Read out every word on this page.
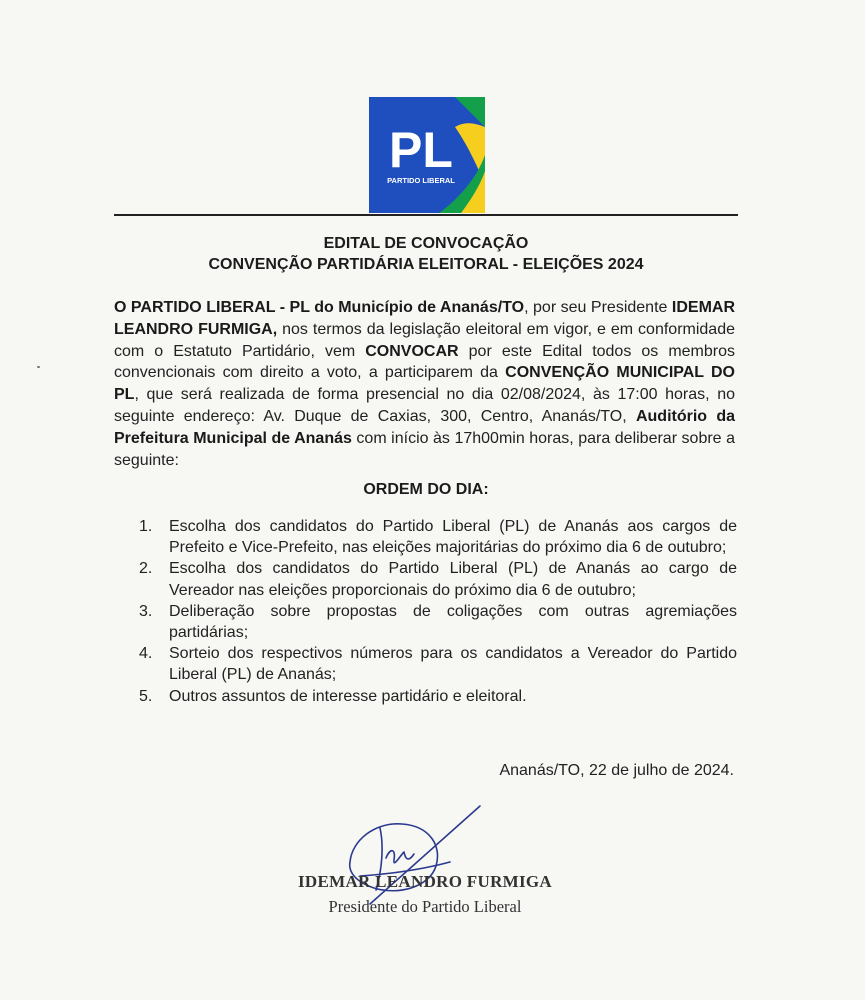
PL
PARTIDO LIBERAL
EDITAL DE CONVOCAÇÃO
CONVENÇÃO PARTIDÁRIA ELEITORAL - ELEIÇÕES 2024
O PARTIDO LIBERAL - PL do Município de Ananás/TO, por seu Presidente IDEMAR LEANDRO FURMIGA, nos termos da legislação eleitoral em vigor, e em conformidade com o Estatuto Partidário, vem CONVOCAR por este Edital todos os membros convencionais com direito a voto, a participarem da CONVENÇÃO MUNICIPAL DO PL, que será realizada de forma presencial no dia 02/08/2024, às 17:00 horas, no seguinte endereço: Av. Duque de Caxias, 300, Centro, Ananás/TO, Auditório da Prefeitura Municipal de Ananás com início às 17h00min horas, para deliberar sobre a seguinte:
ORDEM DO DIA:
1.	Escolha dos candidatos do Partido Liberal (PL) de Ananás aos cargos de Prefeito e Vice-Prefeito, nas eleições majoritárias do próximo dia 6 de outubro;
2.	Escolha dos candidatos do Partido Liberal (PL) de Ananás ao cargo de Vereador nas eleições proporcionais do próximo dia 6 de outubro;
3.	Deliberação sobre propostas de coligações com outras agremiações partidárias;
4.	Sorteio dos respectivos números para os candidatos a Vereador do Partido Liberal (PL) de Ananás;
5.	Outros assuntos de interesse partidário e eleitoral.
Ananás/TO, 22 de julho de 2024.
IDEMAR LEANDRO FURMIGA
Presidente do Partido Liberal
